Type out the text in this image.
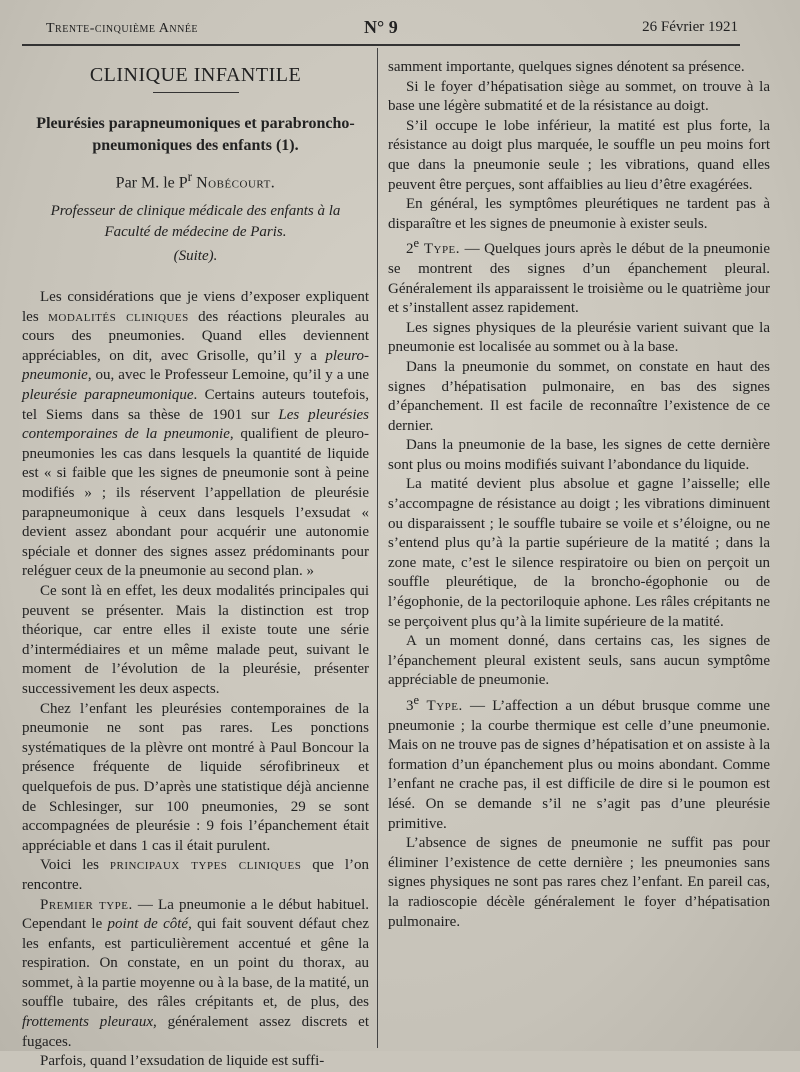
Trente-cinquième Année	N° 9	26 Février 1921
CLINIQUE INFANTILE
Pleurésies parapneumoniques et parabroncho-
pneumoniques des enfants (1).
Par M. le $P^r$ Nobécourt.
Professeur de clinique médicale des enfants à la
Faculté de médecine de Paris.
(Suite).

Les considérations que je viens d’exposer expliquent les modalités cliniques des réactions pleurales au cours des pneumonies. Quand elles deviennent appréciables, on dit, avec Grisolle, qu’il y a pleuro-pneumonie, ou, avec le Professeur Lemoine, qu’il y a une pleurésie parapneumonique. Certains auteurs toutefois, tel Siems dans sa thèse de 1901 sur Les pleurésies contemporaines de la pneumonie, qualifient de pleuro-pneumonies les cas dans lesquels la quantité de liquide est « si faible que les signes de pneumonie sont à peine modifiés » ; ils réservent l’appellation de pleurésie parapneumonique à ceux dans lesquels l’exsudat « devient assez abondant pour acquérir une autonomie spéciale et donner des signes assez prédominants pour reléguer ceux de la pneumonie au second plan. »

Ce sont là en effet, les deux modalités principales qui peuvent se présenter. Mais la distinction est trop théorique, car entre elles il existe toute une série d’intermédiaires et un même malade peut, suivant le moment de l’évolution de la pleurésie, présenter successivement les deux aspects.

Chez l’enfant les pleurésies contemporaines de la pneumonie ne sont pas rares. Les ponctions systématiques de la plèvre ont montré à Paul Boncour la présence fréquente de liquide sérofibrineux et quelquefois de pus. D’après une statistique déjà ancienne de Schlesinger, sur 100 pneumonies, 29 se sont accompagnées de pleurésie : 9 fois l’épanchement était appréciable et dans 1 cas il était purulent.

Voici les principaux types cliniques que l’on rencontre.

Premier type. — La pneumonie a le début habituel. Cependant le point de côté, qui fait souvent défaut chez les enfants, est particulièrement accentué et gêne la respiration. On constate, en un point du thorax, au sommet, à la partie moyenne ou à la base, de la matité, un souffle tubaire, des râles crépitants et, de plus, des frottements pleuraux, généralement assez discrets et fugaces.

Parfois, quand l’exsudation de liquide est suffi-

samment importante, quelques signes dénotent sa présence.

Si le foyer d’hépatisation siège au sommet, on trouve à la base une légère submatité et de la résistance au doigt.

S’il occupe le lobe inférieur, la matité est plus forte, la résistance au doigt plus marquée, le souffle un peu moins fort que dans la pneumonie seule ; les vibrations, quand elles peuvent être perçues, sont affaiblies au lieu d’être exagérées.

En général, les symptômes pleurétiques ne tardent pas à disparaître et les signes de pneumonie à exister seuls.

2e Type. — Quelques jours après le début de la pneumonie se montrent des signes d’un épanchement pleural. Généralement ils apparaissent le troisième ou le quatrième jour et s’installent assez rapidement.

Les signes physiques de la pleurésie varient suivant que la pneumonie est localisée au sommet ou à la base.

Dans la pneumonie du sommet, on constate en haut des signes d’hépatisation pulmonaire, en bas des signes d’épanchement. Il est facile de reconnaître l’existence de ce dernier.

Dans la pneumonie de la base, les signes de cette dernière sont plus ou moins modifiés suivant l’abondance du liquide.

La matité devient plus absolue et gagne l’aisselle; elle s’accompagne de résistance au doigt ; les vibrations diminuent ou disparaissent ; le souffle tubaire se voile et s’éloigne, ou ne s’entend plus qu’à la partie supérieure de la matité ; dans la zone mate, c’est le silence respiratoire ou bien on perçoit un souffle pleurétique, de la broncho-égophonie ou de l’égophonie, de la pectoriloquie aphone. Les râles crépitants ne se perçoivent plus qu’à la limite supérieure de la matité.

A un moment donné, dans certains cas, les signes de l’épanchement pleural existent seuls, sans aucun symptôme appréciable de pneumonie.

3e Type. — L’affection a un début brusque comme une pneumonie ; la courbe thermique est celle d’une pneumonie. Mais on ne trouve pas de signes d’hépatisation et on assiste à la formation d’un épanchement plus ou moins abondant. Comme l’enfant ne crache pas, il est difficile de dire si le poumon est lésé. On se demande s’il ne s’agit pas d’une pleurésie primitive.

L’absence de signes de pneumonie ne suffit pas pour éliminer l’existence de cette dernière ; les pneumonies sans signes physiques ne sont pas rares chez l’enfant. En pareil cas, la radioscopie décèle généralement le foyer d’hépatisation pulmonaire.
